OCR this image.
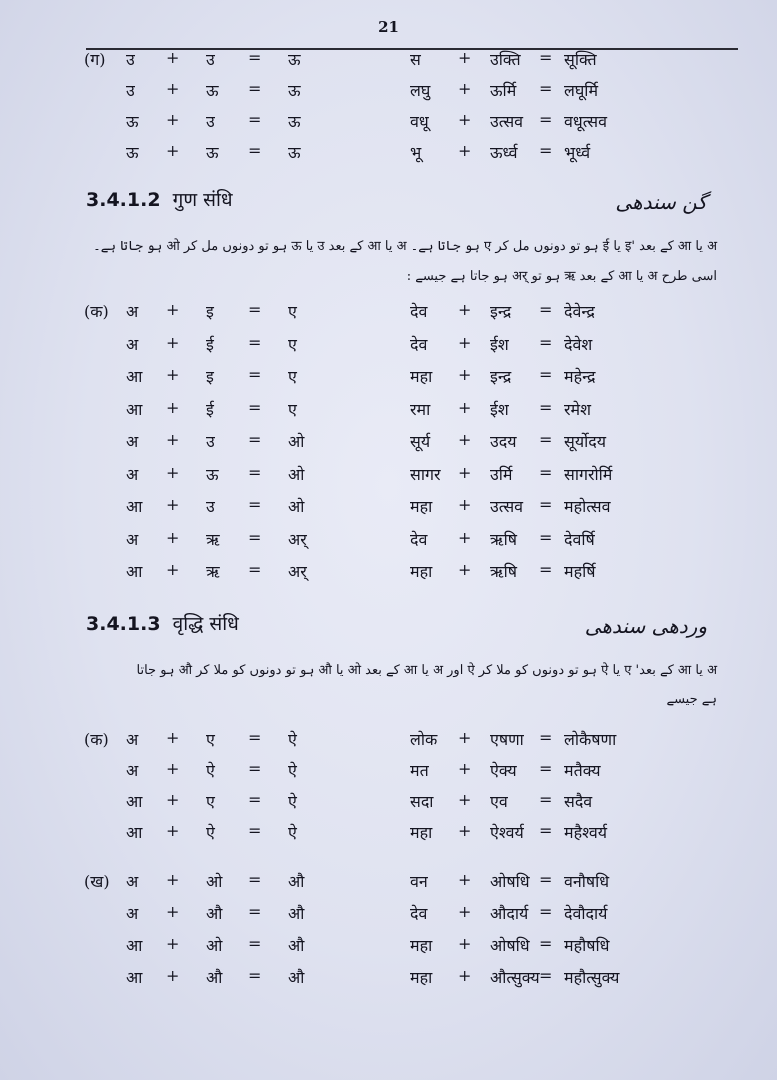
21
(ग) उ + उ = ऊ	स + उक्ति = सूक्ति
उ + ऊ = ऊ	लघु + ऊर्मि = लघूर्मि
ऊ + उ = ऊ	वधू + उत्सव = वधूत्सव
ऊ + ऊ = ऊ	भू + ऊर्ध्व = भूर्ध्व
3.4.1.2 गुण संधि	گن سندھی
अ یا आ کے بعد 'इ یا ई ہو تو دونوں مل کر ए ہو جاتا ہے۔ अ یا आ کے بعد उ یا ऊ ہو تو دونوں مل کر ओ ہو جاتا ہے۔
اسی طرح अ یا आ کے بعد ऋ ہو تو अर् ہو جاتا ہے جیسے :
(क) अ + इ = ए	देव + इन्द्र = देवेन्द्र
अ + ई = ए	देव + ईश = देवेश
आ + इ = ए	महा + इन्द्र = महेन्द्र
आ + ई = ए	रमा + ईश = रमेश
अ + उ = ओ	सूर्य + उदय = सूर्योदय
अ + ऊ = ओ	सागर + उर्मि = सागरोर्मि
आ + उ = ओ	महा + उत्सव = महोत्सव
अ + ऋ = अर्	देव + ऋषि = देवर्षि
आ + ऋ = अर्	महा + ऋषि = महर्षि
3.4.1.3 वृद्धि संधि	وردھی سندھی
अ یا आ کے بعد' ए یا ऐ ہو تو دونوں کو ملا کر ऐ اور अ یا आ کے بعد ओ یا औ ہو تو دونوں کو ملا کر औ ہو جاتا
ہے جیسے
(क) अ + ए = ऐ	लोक + एषणा = लोकैषणा
अ + ऐ = ऐ	मत + ऐक्य = मतैक्य
आ + ए = ऐ	सदा + एव = सदैव
आ + ऐ = ऐ	महा + ऐश्वर्य = महैश्वर्य
(ख) अ + ओ = औ	वन + ओषधि = वनौषधि
अ + औ = औ	देव + औदार्य = देवौदार्य
आ + ओ = औ	महा + ओषधि = महौषधि
आ + औ = औ	महा + औत्सुक्य = महौत्सुक्य
